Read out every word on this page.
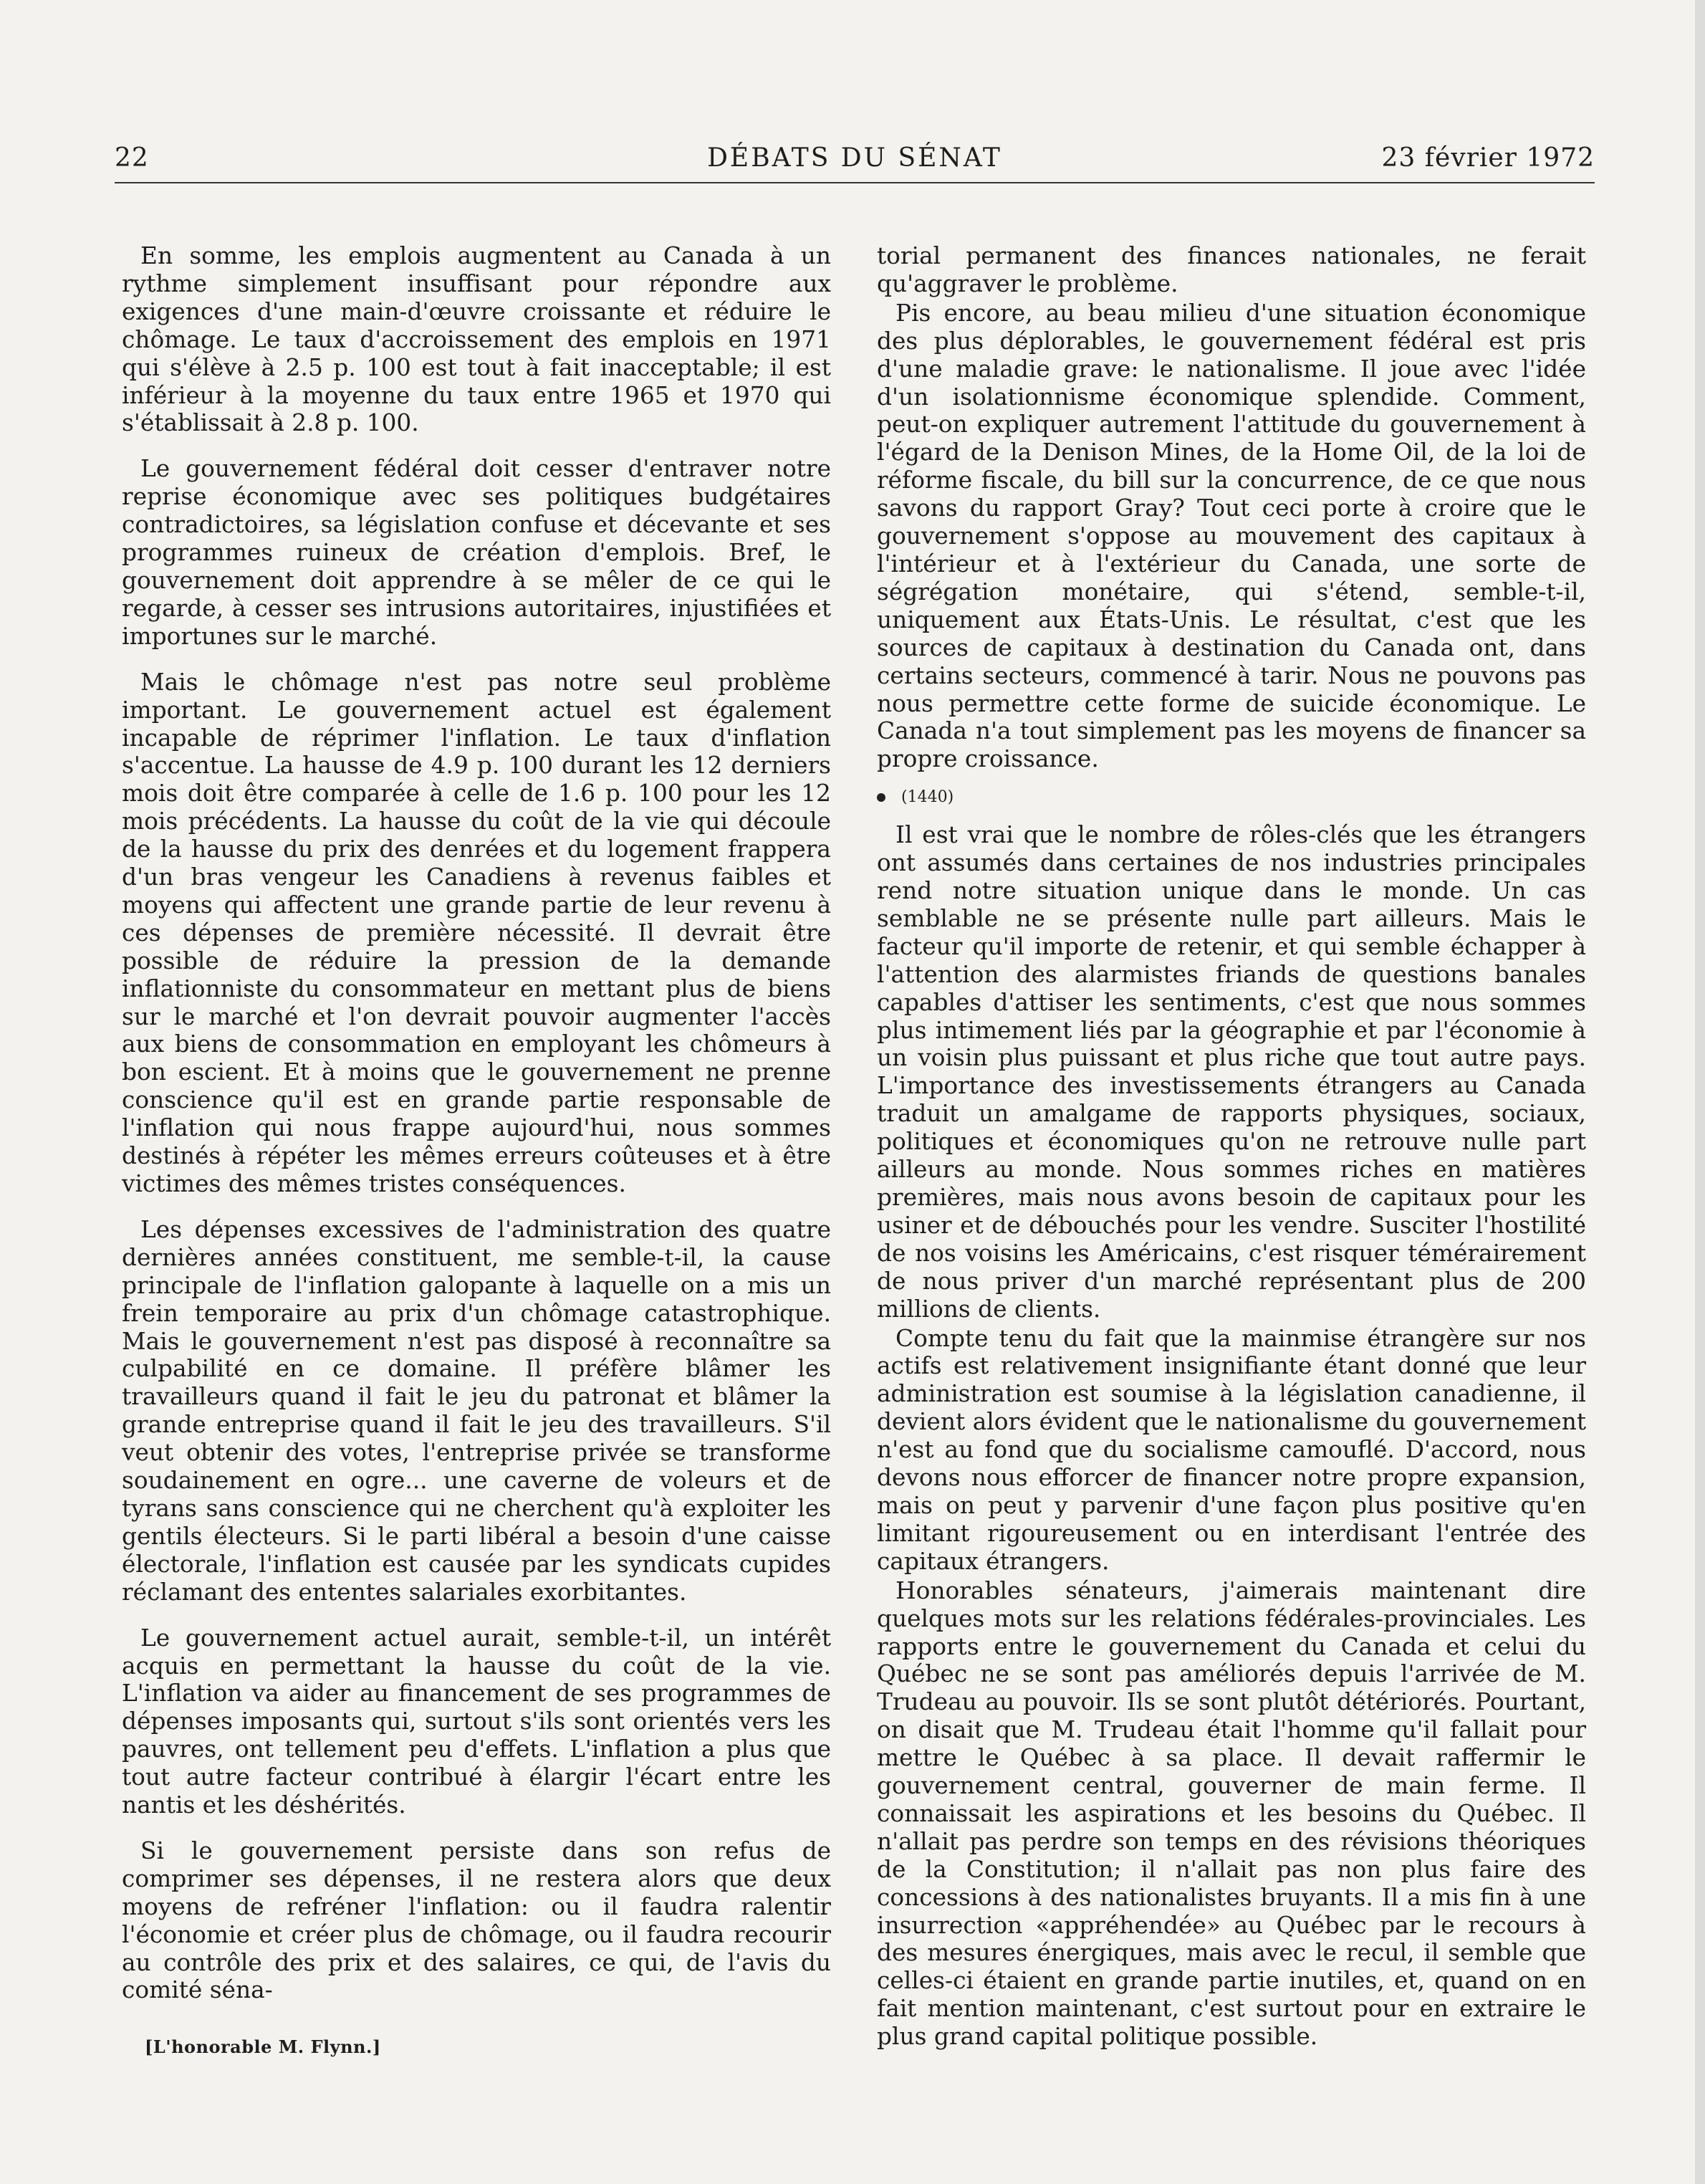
22	DÉBATS DU SÉNAT	23 février 1972

En somme, les emplois augmentent au Canada à un rythme simplement insuffisant pour répondre aux exigences d'une main-d'œuvre croissante et réduire le chômage. Le taux d'accroissement des emplois en 1971 qui s'élève à 2.5 p. 100 est tout à fait inacceptable; il est inférieur à la moyenne du taux entre 1965 et 1970 qui s'établissait à 2.8 p. 100.

Le gouvernement fédéral doit cesser d'entraver notre reprise économique avec ses politiques budgétaires contradictoires, sa législation confuse et décevante et ses programmes ruineux de création d'emplois. Bref, le gouvernement doit apprendre à se mêler de ce qui le regarde, à cesser ses intrusions autoritaires, injustifiées et importunes sur le marché.

Mais le chômage n'est pas notre seul problème important. Le gouvernement actuel est également incapable de réprimer l'inflation. Le taux d'inflation s'accentue. La hausse de 4.9 p. 100 durant les 12 derniers mois doit être comparée à celle de 1.6 p. 100 pour les 12 mois précédents. La hausse du coût de la vie qui découle de la hausse du prix des denrées et du logement frappera d'un bras vengeur les Canadiens à revenus faibles et moyens qui affectent une grande partie de leur revenu à ces dépenses de première nécessité. Il devrait être possible de réduire la pression de la demande inflationniste du consommateur en mettant plus de biens sur le marché et l'on devrait pouvoir augmenter l'accès aux biens de consommation en employant les chômeurs à bon escient. Et à moins que le gouvernement ne prenne conscience qu'il est en grande partie responsable de l'inflation qui nous frappe aujourd'hui, nous sommes destinés à répéter les mêmes erreurs coûteuses et à être victimes des mêmes tristes conséquences.

Les dépenses excessives de l'administration des quatre dernières années constituent, me semble-t-il, la cause principale de l'inflation galopante à laquelle on a mis un frein temporaire au prix d'un chômage catastrophique. Mais le gouvernement n'est pas disposé à reconnaître sa culpabilité en ce domaine. Il préfère blâmer les travailleurs quand il fait le jeu du patronat et blâmer la grande entreprise quand il fait le jeu des travailleurs. S'il veut obtenir des votes, l'entreprise privée se transforme soudainement en ogre... une caverne de voleurs et de tyrans sans conscience qui ne cherchent qu'à exploiter les gentils électeurs. Si le parti libéral a besoin d'une caisse électorale, l'inflation est causée par les syndicats cupides réclamant des ententes salariales exorbitantes.

Le gouvernement actuel aurait, semble-t-il, un intérêt acquis en permettant la hausse du coût de la vie. L'inflation va aider au financement de ses programmes de dépenses imposants qui, surtout s'ils sont orientés vers les pauvres, ont tellement peu d'effets. L'inflation a plus que tout autre facteur contribué à élargir l'écart entre les nantis et les déshérités.

Si le gouvernement persiste dans son refus de comprimer ses dépenses, il ne restera alors que deux moyens de refréner l'inflation: ou il faudra ralentir l'économie et créer plus de chômage, ou il faudra recourir au contrôle des prix et des salaires, ce qui, de l'avis du comité séna-

[L'honorable M. Flynn.]

torial permanent des finances nationales, ne ferait qu'aggraver le problème.

Pis encore, au beau milieu d'une situation économique des plus déplorables, le gouvernement fédéral est pris d'une maladie grave: le nationalisme. Il joue avec l'idée d'un isolationnisme économique splendide. Comment, peut-on expliquer autrement l'attitude du gouvernement à l'égard de la Denison Mines, de la Home Oil, de la loi de réforme fiscale, du bill sur la concurrence, de ce que nous savons du rapport Gray? Tout ceci porte à croire que le gouvernement s'oppose au mouvement des capitaux à l'intérieur et à l'extérieur du Canada, une sorte de ségrégation monétaire, qui s'étend, semble-t-il, uniquement aux États-Unis. Le résultat, c'est que les sources de capitaux à destination du Canada ont, dans certains secteurs, commencé à tarir. Nous ne pouvons pas nous permettre cette forme de suicide économique. Le Canada n'a tout simplement pas les moyens de financer sa propre croissance.

(1440)

Il est vrai que le nombre de rôles-clés que les étrangers ont assumés dans certaines de nos industries principales rend notre situation unique dans le monde. Un cas semblable ne se présente nulle part ailleurs. Mais le facteur qu'il importe de retenir, et qui semble échapper à l'attention des alarmistes friands de questions banales capables d'attiser les sentiments, c'est que nous sommes plus intimement liés par la géographie et par l'économie à un voisin plus puissant et plus riche que tout autre pays. L'importance des investissements étrangers au Canada traduit un amalgame de rapports physiques, sociaux, politiques et économiques qu'on ne retrouve nulle part ailleurs au monde. Nous sommes riches en matières premières, mais nous avons besoin de capitaux pour les usiner et de débouchés pour les vendre. Susciter l'hostilité de nos voisins les Américains, c'est risquer témérairement de nous priver d'un marché représentant plus de 200 millions de clients.

Compte tenu du fait que la mainmise étrangère sur nos actifs est relativement insignifiante étant donné que leur administration est soumise à la législation canadienne, il devient alors évident que le nationalisme du gouvernement n'est au fond que du socialisme camouflé. D'accord, nous devons nous efforcer de financer notre propre expansion, mais on peut y parvenir d'une façon plus positive qu'en limitant rigoureusement ou en interdisant l'entrée des capitaux étrangers.

Honorables sénateurs, j'aimerais maintenant dire quelques mots sur les relations fédérales-provinciales. Les rapports entre le gouvernement du Canada et celui du Québec ne se sont pas améliorés depuis l'arrivée de M. Trudeau au pouvoir. Ils se sont plutôt détériorés. Pourtant, on disait que M. Trudeau était l'homme qu'il fallait pour mettre le Québec à sa place. Il devait raffermir le gouvernement central, gouverner de main ferme. Il connaissait les aspirations et les besoins du Québec. Il n'allait pas perdre son temps en des révisions théoriques de la Constitution; il n'allait pas non plus faire des concessions à des nationalistes bruyants. Il a mis fin à une insurrection «appréhendée» au Québec par le recours à des mesures énergiques, mais avec le recul, il semble que celles-ci étaient en grande partie inutiles, et, quand on en fait mention maintenant, c'est surtout pour en extraire le plus grand capital politique possible.
